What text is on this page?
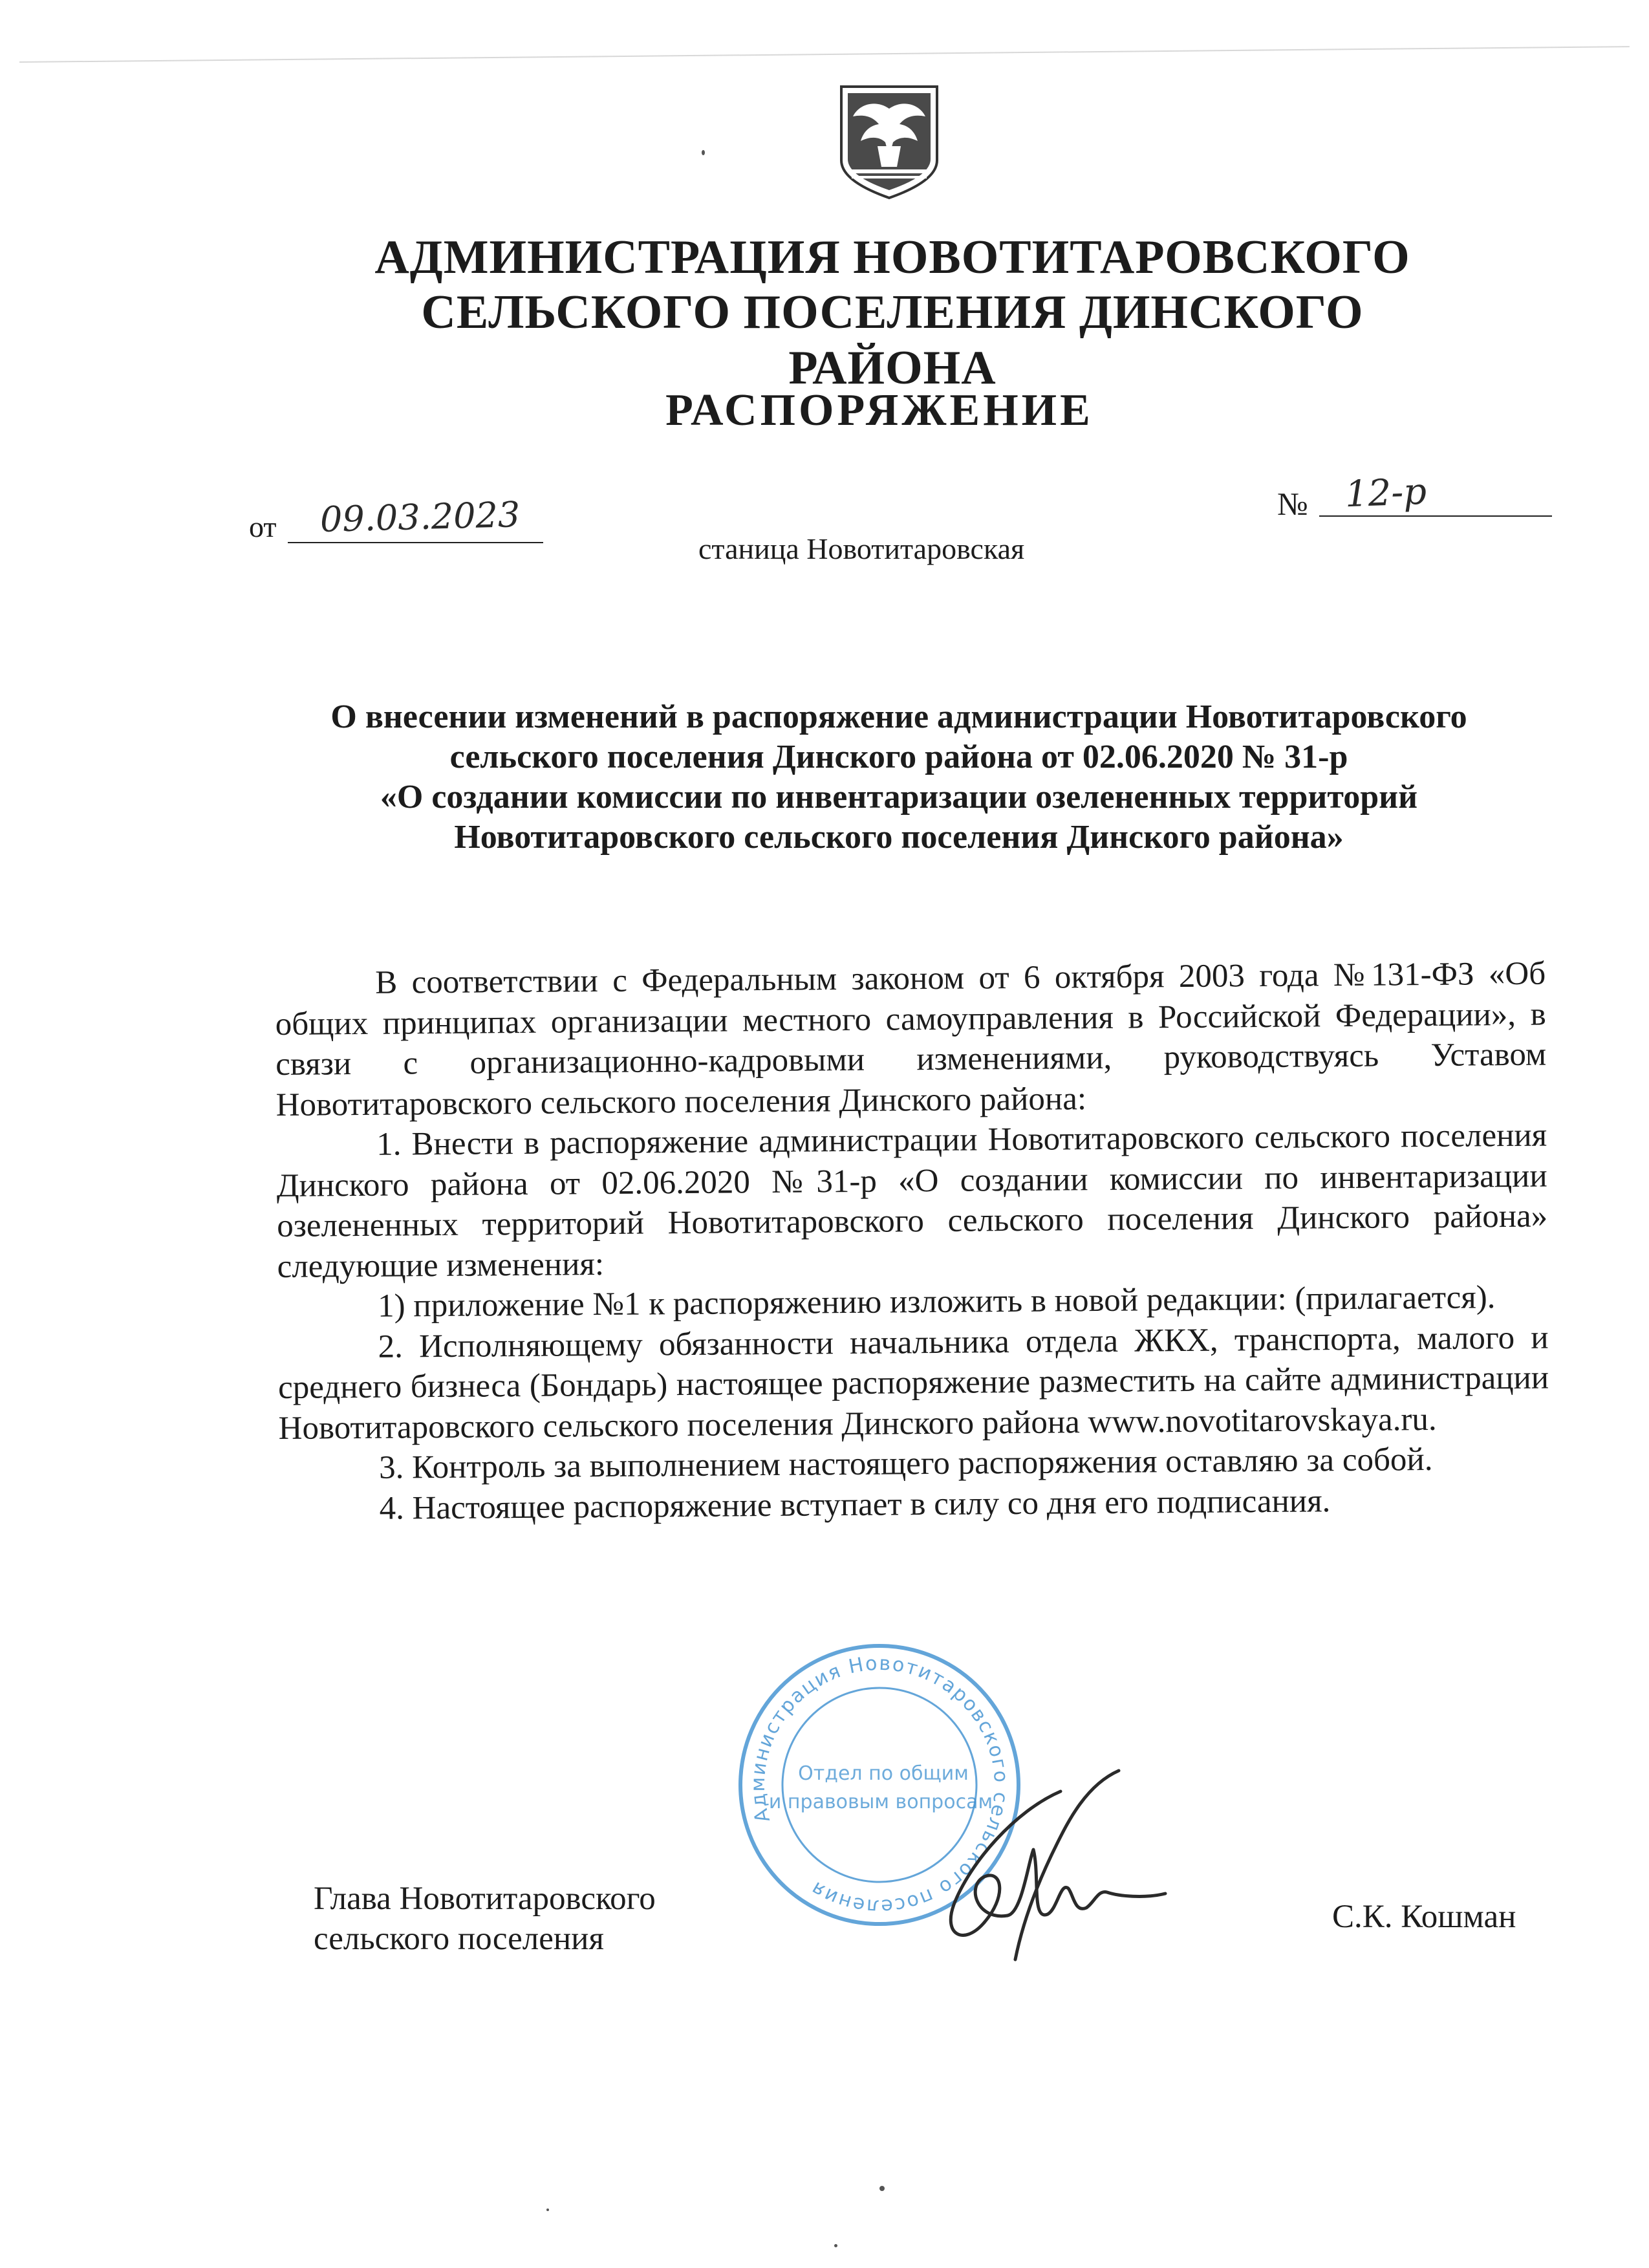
АДМИНИСТРАЦИЯ НОВОТИТАРОВСКОГО
СЕЛЬСКОГО ПОСЕЛЕНИЯ ДИНСКОГО РАЙОНА
РАСПОРЯЖЕНИЕ
от 09.03.2023	№ 12-р
станица Новотитаровская
О внесении изменений в распоряжение администрации Новотитаровского
сельского поселения Динского района от 02.06.2020 № 31-р
«О создании комиссии по инвентаризации озелененных территорий
Новотитаровского сельского поселения Динского района»

В соответствии с Федеральным законом от 6 октября 2003 года №131-ФЗ «Об общих принципах организации местного самоуправления в Российской Федерации», в связи с организационно-кадровыми изменениями, руководствуясь Уставом Новотитаровского сельского поселения Динского района:

1. Внести в распоряжение администрации Новотитаровского сельского поселения Динского района от 02.06.2020 №31-р «О создании комиссии по инвентаризации озелененных территорий Новотитаровского сельского поселения Динского района» следующие изменения:

1) приложение №1 к распоряжению изложить в новой редакции: (прилагается).

2. Исполняющему обязанности начальника отдела ЖКХ, транспорта, малого и среднего бизнеса (Бондарь) настоящее распоряжение разместить на сайте администрации Новотитаровского сельского поселения Динского района www.novotitarovskaya.ru.

3. Контроль за выполнением настоящего распоряжения оставляю за собой.

4. Настоящее распоряжение вступает в силу со дня его подписания.

Администрация Новотитаровского сельского поселения
Отдел по общим
и правовым вопросам
Глава Новотитаровского
сельского поселения
С.К. Кошман
